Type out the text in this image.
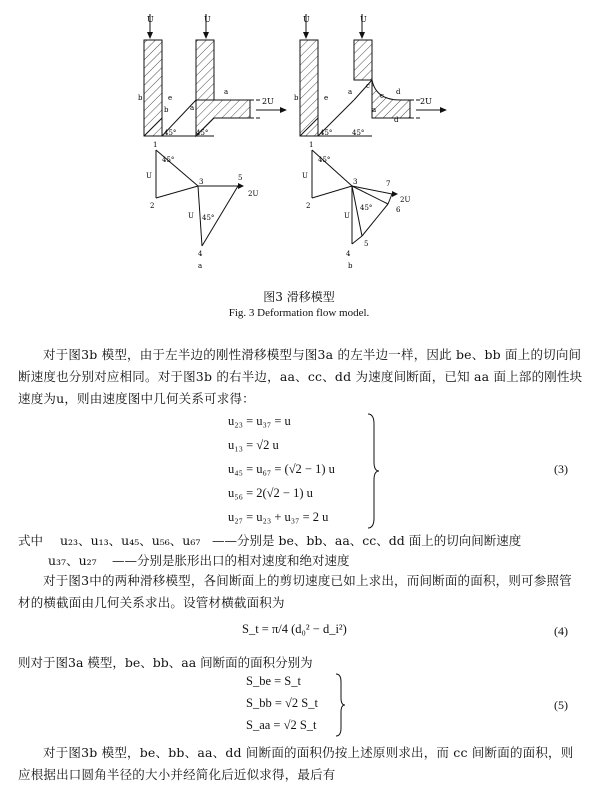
U	U
2U
b	e
b	a
a
45°	45°
U	U
2U
b	e
a
c
c d
d
a
45°	45°
1
2
3
4
5
U
U
2U
45°
45°
a
1
2
3
4
5
6
7
U
U
2U
45°
45°
b
图3 滑移模型
Fig. 3 Deformation flow model.
对于图3b 模型，由于左半边的刚性滑移模型与图3a 的左半边一样，因此 be、bb 面上的切向间断速度也分别对应相同。对于图3b 的右半边，aa、cc、dd 为速度间断面，已知 aa 面上部的刚性块速度为u，则由速度图中几何关系可求得：
u₂₃ = u₃₇ = u
u₁₃ = √2 u
u₄₅ = u₆₇ = (√2 − 1) u
u₅₆ = 2(√2 − 1) u
u₂₇ = u₂₃ + u₃₇ = 2 u
(3)
式中 u₂₃、u₁₃、u₄₅、u₅₆、u₆₇ ——分别是 be、bb、aa、cc、dd 面上的切向间断速度
u₃₇、u₂₇ ——分别是胀形出口的相对速度和绝对速度
对于图3中的两种滑移模型，各间断面上的剪切速度已如上求出，而间断面的面积，则可参照管材的横截面由几何关系求出。设管材横截面积为
S_t = π/4 (d₀² − d_i²)	(4)
则对于图3a 模型，be、bb、aa 间断面的面积分别为
S_be = S_t
S_bb = √2 S_t
S_aa = √2 S_t
(5)
对于图3b 模型，be、bb、aa、dd 间断面的面积仍按上述原则求出，而 cc 间断面的面积，则应根据出口圆角半径的大小并经简化后近似求得，最后有
